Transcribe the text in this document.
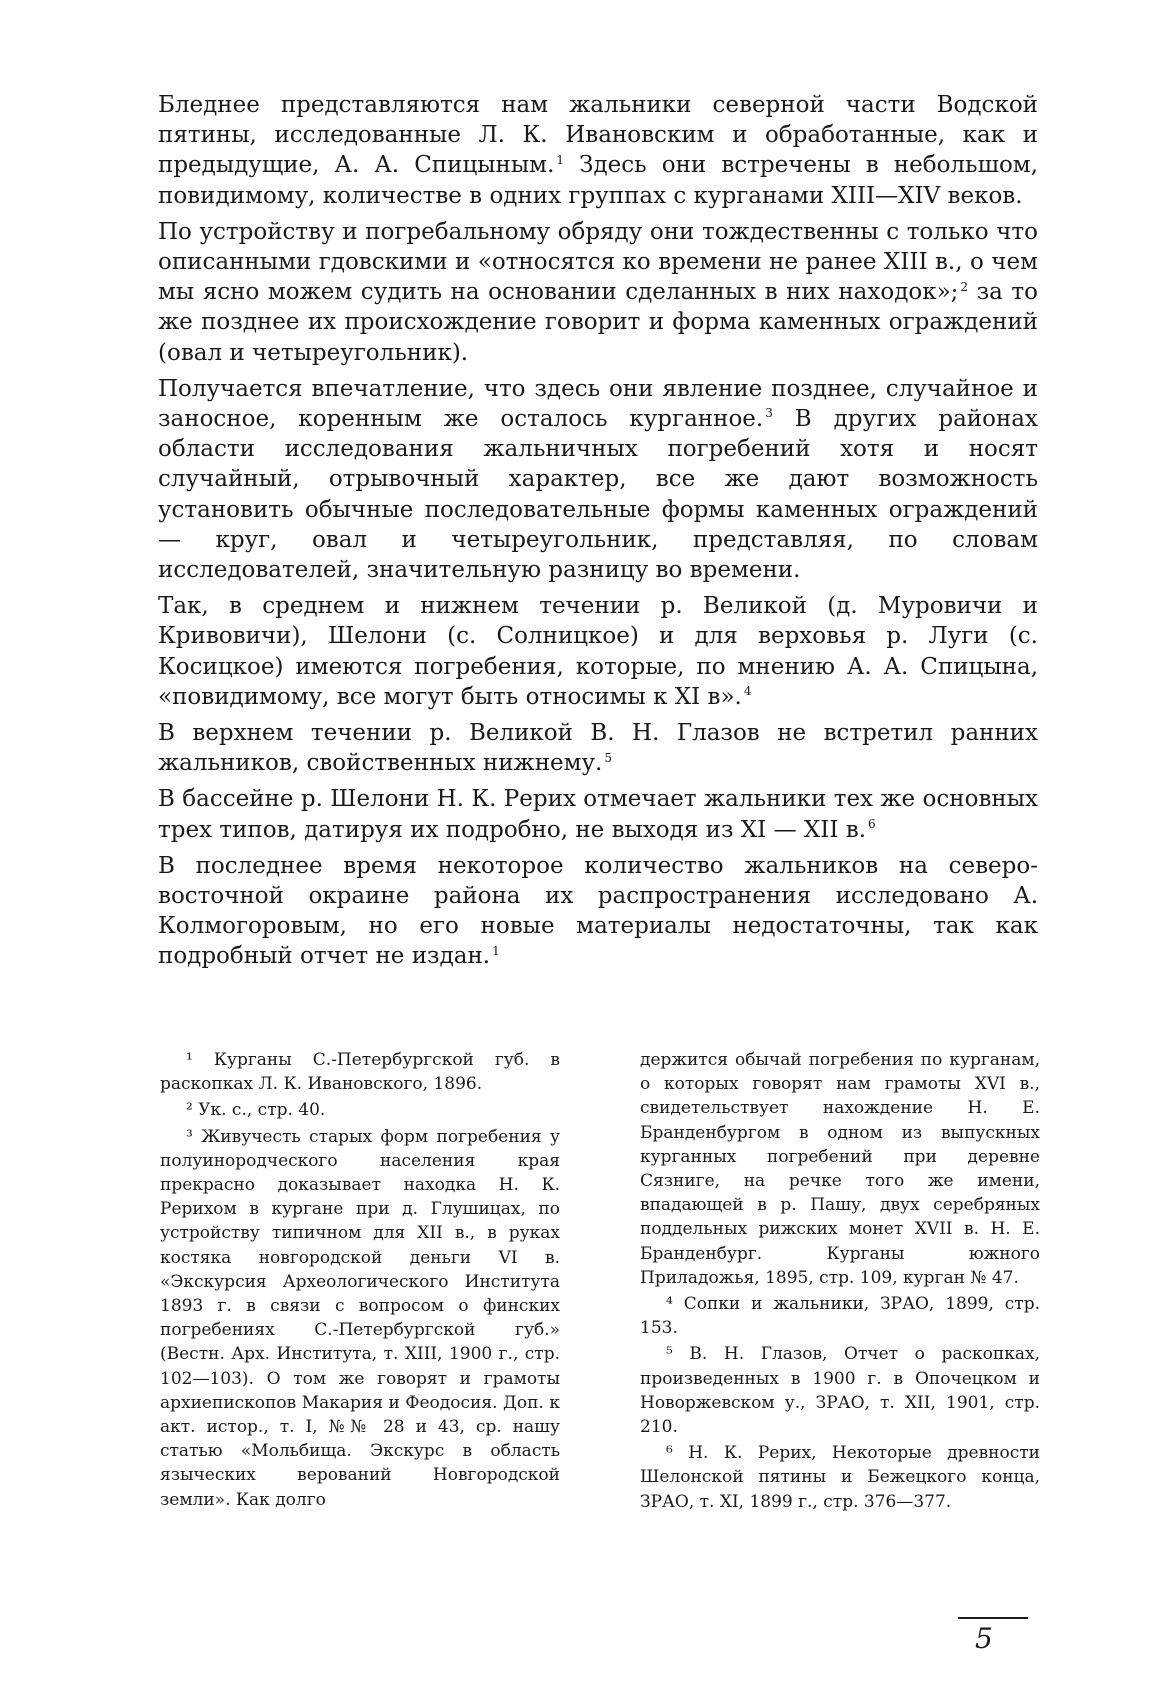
Бледнее представляются нам жальники северной части Водской пятины, исследованные Л. К. Ивановским и обработанные, как и предыдущие, А. А. Спицыным. $^1$ Здесь они встречены в небольшом, повидимому, количестве в одних группах с курганами XIII—XIV веков.

По устройству и погребальному обряду они тождественны с только что описанными гдовскими и «относятся ко времени не ранее XIII в., о чем мы ясно можем судить на основании сделанных в них находок»; $^2$ за то же позднее их происхождение говорит и форма каменных ограждений (овал и четыреугольник).

Получается впечатление, что здесь они явление позднее, случайное и заносное, коренным же осталось курганное. $^3$ В других районах области исследования жальничных погребений хотя и носят случайный, отрывочный характер, все же дают возможность установить обычные последовательные формы каменных ограждений— круг, овал и четыреугольник, представляя, по словам исследователей, значительную разницу во времени.

Так, в среднем и нижнем течении р. Великой (д. Муровичи и Кривовичи), Шелони (с. Солницкое) и для верховья р. Луги (с. Косицкое) имеются погребения, которые, по мнению А. А. Спицына, «повидимому, все могут быть относимы к XI в». $^4$

В верхнем течении р. Великой В. Н. Глазов не встретил ранних жальников, свойственных нижнему. $^5$

В бассейне р. Шелони Н. К. Рерих отмечает жальники тех же основных трех типов, датируя их подробно, не выходя из XI — XII в. $^6$

В последнее время некоторое количество жальников на северо-восточной окраине района их распространения исследовано А. Колмогоровым, но его новые материалы недостаточны, так как подробный отчет не издан. $^1$

¹ Курганы С.-Петербургской губ. в раскопках Л. К. Ивановского, 1896.

² Ук. с., стр. 40.

³ Живучесть старых форм погребения у полуинородческого населения края прекрасно доказывает находка Н. К. Рерихом в кургане при д. Глушицах, по устройству типичном для XII в., в руках костяка новгородской деньги VI в. «Экскурсия Археологического Института 1893 г. в связи с вопросом о финских погребениях С.-Петербургской губ.» (Вестн. Арх. Института, т. XIII, 1900 г., стр. 102—103). О том же говорят и грамоты архиепископов Макария и Феодосия. Доп. к акт. истор., т. I, №№ 28 и 43, ср. нашу статью «Мольбища. Экскурс в область языческих верований Новгородской земли». Как долго

держится обычай погребения по курганам, о которых говорят нам грамоты XVI в., свидетельствует нахождение Н. Е. Бранденбургом в одном из выпускных курганных погребений при деревне Сязниге, на речке того же имени, впадающей в р. Пашу, двух серебряных поддельных рижских монет XVII в. Н. Е. Бранденбург. Курганы южного Приладожья, 1895, стр. 109, курган № 47.

⁴ Сопки и жальники, ЗРАО, 1899, стр. 153.

⁵ В. Н. Глазов, Отчет о раскопках, произведенных в 1900 г. в Опочецком и Новоржевском у., ЗРАО, т. XII, 1901, стр. 210.

⁶ Н. К. Рерих, Некоторые древности Шелонской пятины и Бежецкого конца, ЗРАО, т. XI, 1899 г., стр. 376—377.

5
